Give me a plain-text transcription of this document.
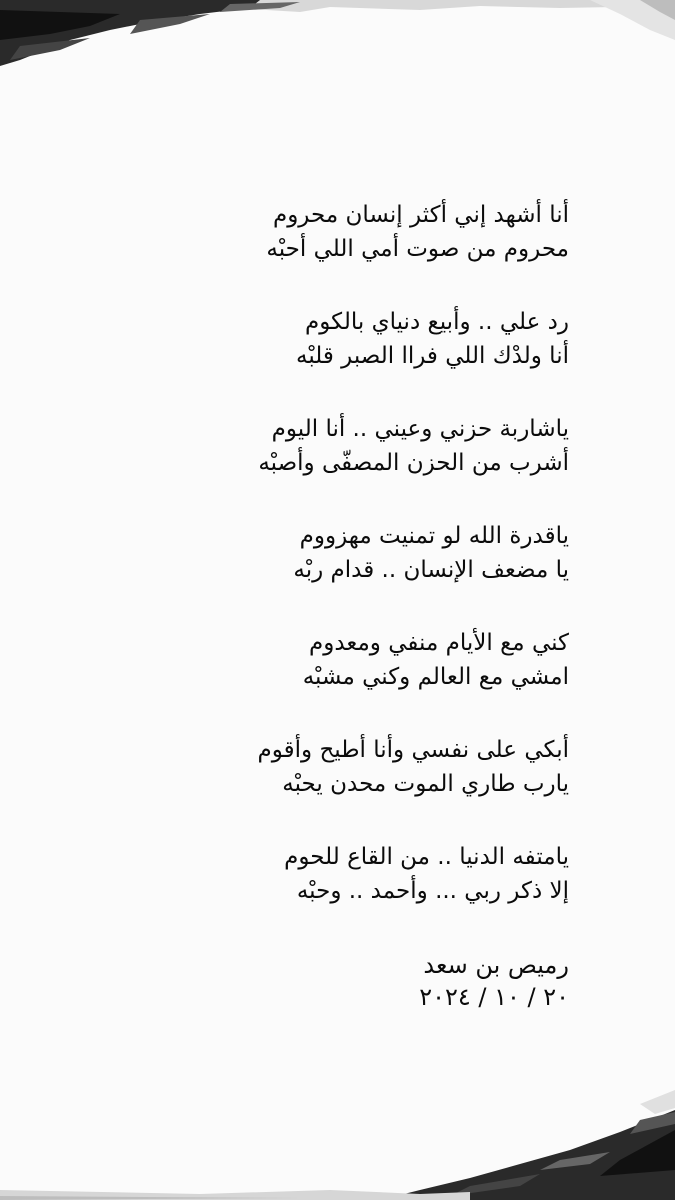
أنا أشهد إني أكثر إنسان محروم
محروم من صوت أمي اللي أحبْه

رد علي .. وأبيع دنياي بالكوم
أنا ولدْك اللي فراا الصبر قلبْه

ياشاربة حزني وعيني .. أنا اليوم
أشرب من الحزن المصفّى وأصبْه

ياقدرة الله لو تمنيت مهزووم
يا مضعف الإنسان .. قدام ربْه

كني مع الأيام منفي ومعدوم
امشي مع العالم وكني مشبْه

أبكي على نفسي وأنا أطيح وأقوم
يارب طاري الموت محدن يحبْه

يامتفه الدنيا .. من القاع للحوم
إلا ذكر ربي ... وأحمد .. وحبْه

رميص بن سعد
٢٠ / ١٠ / ٢٠٢٤
